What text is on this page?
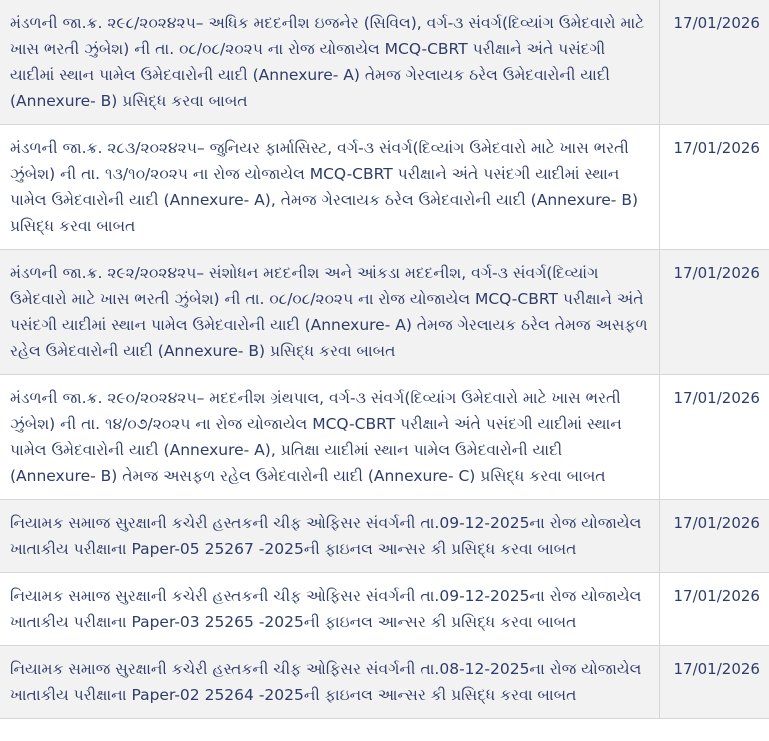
મંડળની જા.ક્ર. ૨૯૮/૨૦૨૪૨૫– અધિક મદદનીશ ઇજનેર (સિવિલ), વર્ગ-૩ સંવર્ગ(દિવ્યાંગ ઉમેદવારો માટે ખાસ ભરતી ઝુંબેશ) ની તા. ૦૮/૦૮/૨૦૨૫ ના રોજ યોજાયેલ MCQ-CBRT પરીક્ષાને અંતે પસંદગી યાદીમાં સ્થાન પામેલ ઉમેદવારોની યાદી (Annexure- A) તેમજ ગેરલાયક ઠરેલ ઉમેદવારોની યાદી (Annexure- B) પ્રસિદ્ધ કરવા બાબત	17/01/2026
મંડળની જા.ક્ર. ૨૮૩/૨૦૨૪૨૫– જુનિયર ફાર્માસિસ્ટ, વર્ગ-૩ સંવર્ગ(દિવ્યાંગ ઉમેદવારો માટે ખાસ ભરતી ઝુંબેશ) ની તા. ૧૩/૧૦/૨૦૨૫ ના રોજ યોજાયેલ MCQ-CBRT પરીક્ષાને અંતે પસંદગી યાદીમાં સ્થાન પામેલ ઉમેદવારોની યાદી (Annexure- A), તેમજ ગેરલાયક ઠરેલ ઉમેદવારોની યાદી (Annexure- B) પ્રસિદ્ધ કરવા બાબત	17/01/2026
મંડળની જા.ક્ર. ૨૯૨/૨૦૨૪૨૫– સંશોધન મદદનીશ અને આંકડા મદદનીશ, વર્ગ-૩ સંવર્ગ(દિવ્યાંગ ઉમેદવારો માટે ખાસ ભરતી ઝુંબેશ) ની તા. ૦૮/૦૮/૨૦૨૫ ના રોજ યોજાયેલ MCQ-CBRT પરીક્ષાને અંતે પસંદગી યાદીમાં સ્થાન પામેલ ઉમેદવારોની યાદી (Annexure- A) તેમજ ગેરલાયક ઠરેલ તેમજ અસફળ રહેલ ઉમેદવારોની યાદી (Annexure- B) પ્રસિદ્ધ કરવા બાબત	17/01/2026
મંડળની જા.ક્ર. ૨૯૦/૨૦૨૪૨૫– મદદનીશ ગ્રંથપાલ, વર્ગ-૩ સંવર્ગ(દિવ્યાંગ ઉમેદવારો માટે ખાસ ભરતી ઝુંબેશ) ની તા. ૧૪/૦૭/૨૦૨૫ ના રોજ યોજાયેલ MCQ-CBRT પરીક્ષાને અંતે પસંદગી યાદીમાં સ્થાન પામેલ ઉમેદવારોની યાદી (Annexure- A), પ્રતિક્ષા યાદીમાં સ્થાન પામેલ ઉમેદવારોની યાદી (Annexure- B) તેમજ અસફળ રહેલ ઉમેદવારોની યાદી (Annexure- C) પ્રસિદ્ધ કરવા બાબત	17/01/2026
નિયામક સમાજ સુરક્ષાની કચેરી હસ્તકની ચીફ ઓફિસર સંવર્ગની તા.09-12-2025ના રોજ યોજાયેલ ખાતાકીય પરીક્ષાના Paper-05 25267 -2025ની ફાઇનલ આન્સર કી પ્રસિદ્ધ કરવા બાબત	17/01/2026
નિયામક સમાજ સુરક્ષાની કચેરી હસ્તકની ચીફ ઓફિસર સંવર્ગની તા.09-12-2025ના રોજ યોજાયેલ ખાતાકીય પરીક્ષાના Paper-03 25265 -2025ની ફાઇનલ આન્સર કી પ્રસિદ્ધ કરવા બાબત	17/01/2026
નિયામક સમાજ સુરક્ષાની કચેરી હસ્તકની ચીફ ઓફિસર સંવર્ગની તા.08-12-2025ના રોજ યોજાયેલ ખાતાકીય પરીક્ષાના Paper-02 25264 -2025ની ફાઇનલ આન્સર કી પ્રસિદ્ધ કરવા બાબત	17/01/2026
